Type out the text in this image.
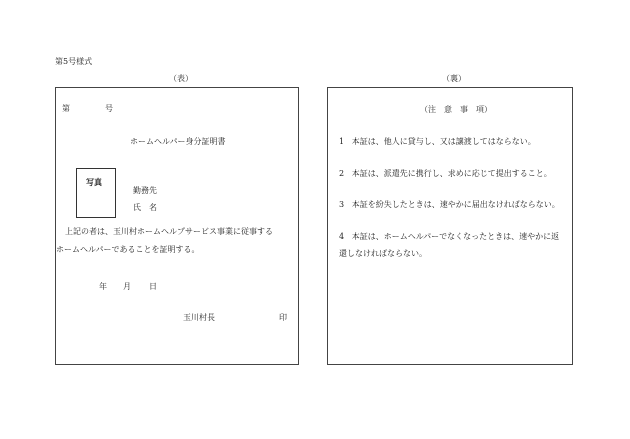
第5号様式
（表）
第	号
ホームヘルパー身分証明書
写真
勤務先
氏　名
上記の者は、玉川村ホームヘルプサービス事業に従事する
ホームヘルパーであることを証明する。
年 月 日
玉川村長	印
（裏）
（注　意　事　項）
1 本証は、他人に貸与し、又は譲渡してはならない。
2 本証は、派遣先に携行し、求めに応じて提出すること。
3 本証を紛失したときは、速やかに届出なければならない。
4 本証は、ホームヘルパーでなくなったときは、速やかに返
還しなければならない。
